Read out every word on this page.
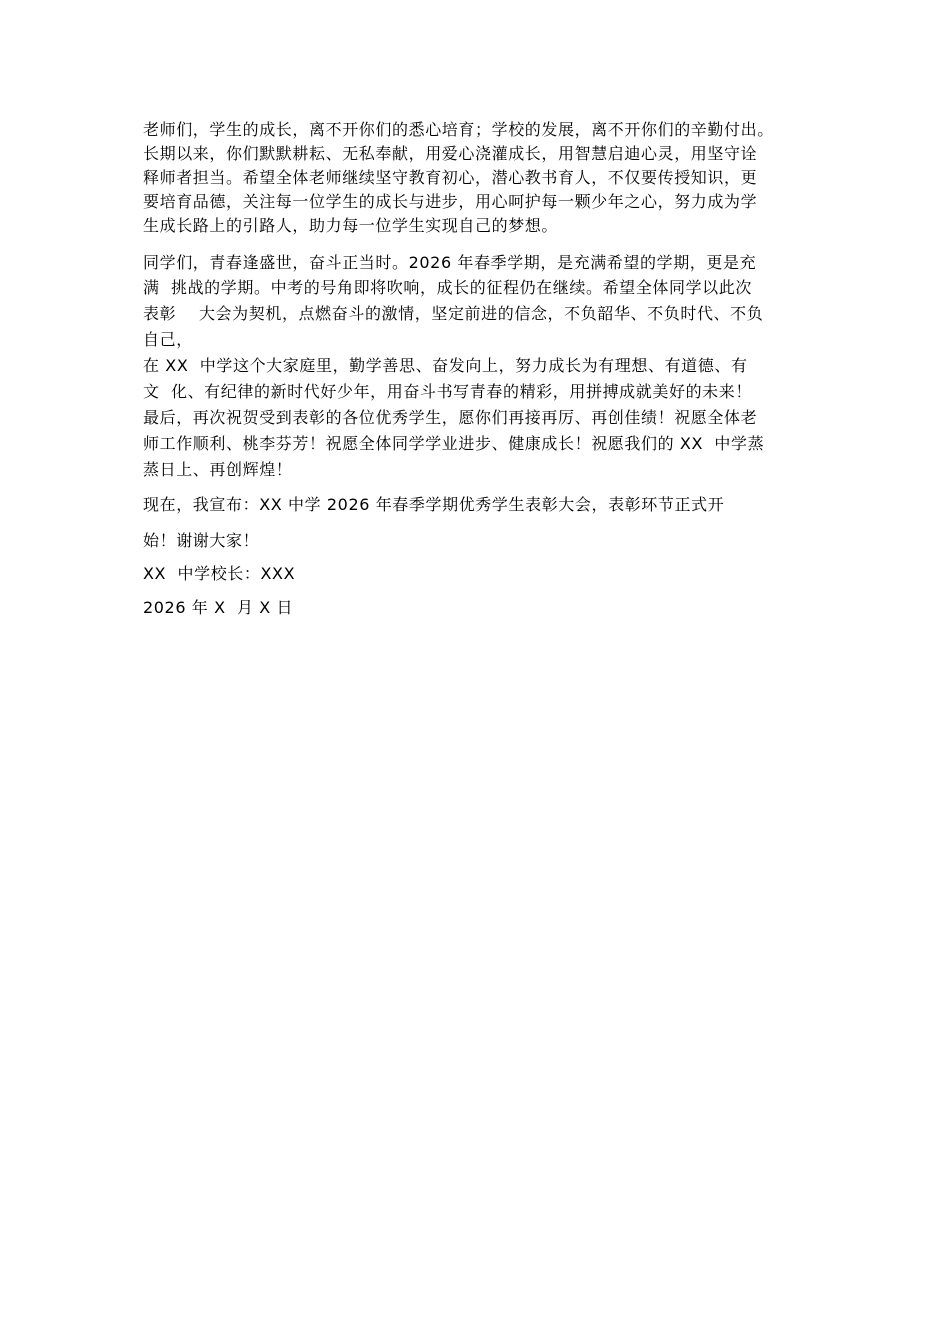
老师们，学生的成长，离不开你们的悉心培育；学校的发展，离不开你们的辛勤付出。
长期以来，你们默默耕耘、无私奉献，用爱心浇灌成长，用智慧启迪心灵，用坚守诠
释师者担当。希望全体老师继续坚守教育初心，潜心教书育人，不仅要传授知识，更
要培育品德，关注每一位学生的成长与进步，用心呵护每一颗少年之心，努力成为学
生成长路上的引路人，助力每一位学生实现自己的梦想。
同学们，青春逢盛世，奋斗正当时。2026 年春季学期，是充满希望的学期，更是充
满  挑战的学期。中考的号角即将吹响，成长的征程仍在继续。希望全体同学以此次
表彰    大会为契机，点燃奋斗的激情，坚定前进的信念，不负韶华、不负时代、不负
自己，
在 XX  中学这个大家庭里，勤学善思、奋发向上，努力成长为有理想、有道德、有
文  化、有纪律的新时代好少年，用奋斗书写青春的精彩，用拼搏成就美好的未来！
最后，再次祝贺受到表彰的各位优秀学生，愿你们再接再厉、再创佳绩！祝愿全体老
师工作顺利、桃李芬芳！祝愿全体同学学业进步、健康成长！祝愿我们的 XX  中学蒸
蒸日上、再创辉煌！
现在，我宣布：XX 中学 2026 年春季学期优秀学生表彰大会，表彰环节正式开
始！谢谢大家！
XX  中学校长：XXX
2026 年 X  月 X 日
